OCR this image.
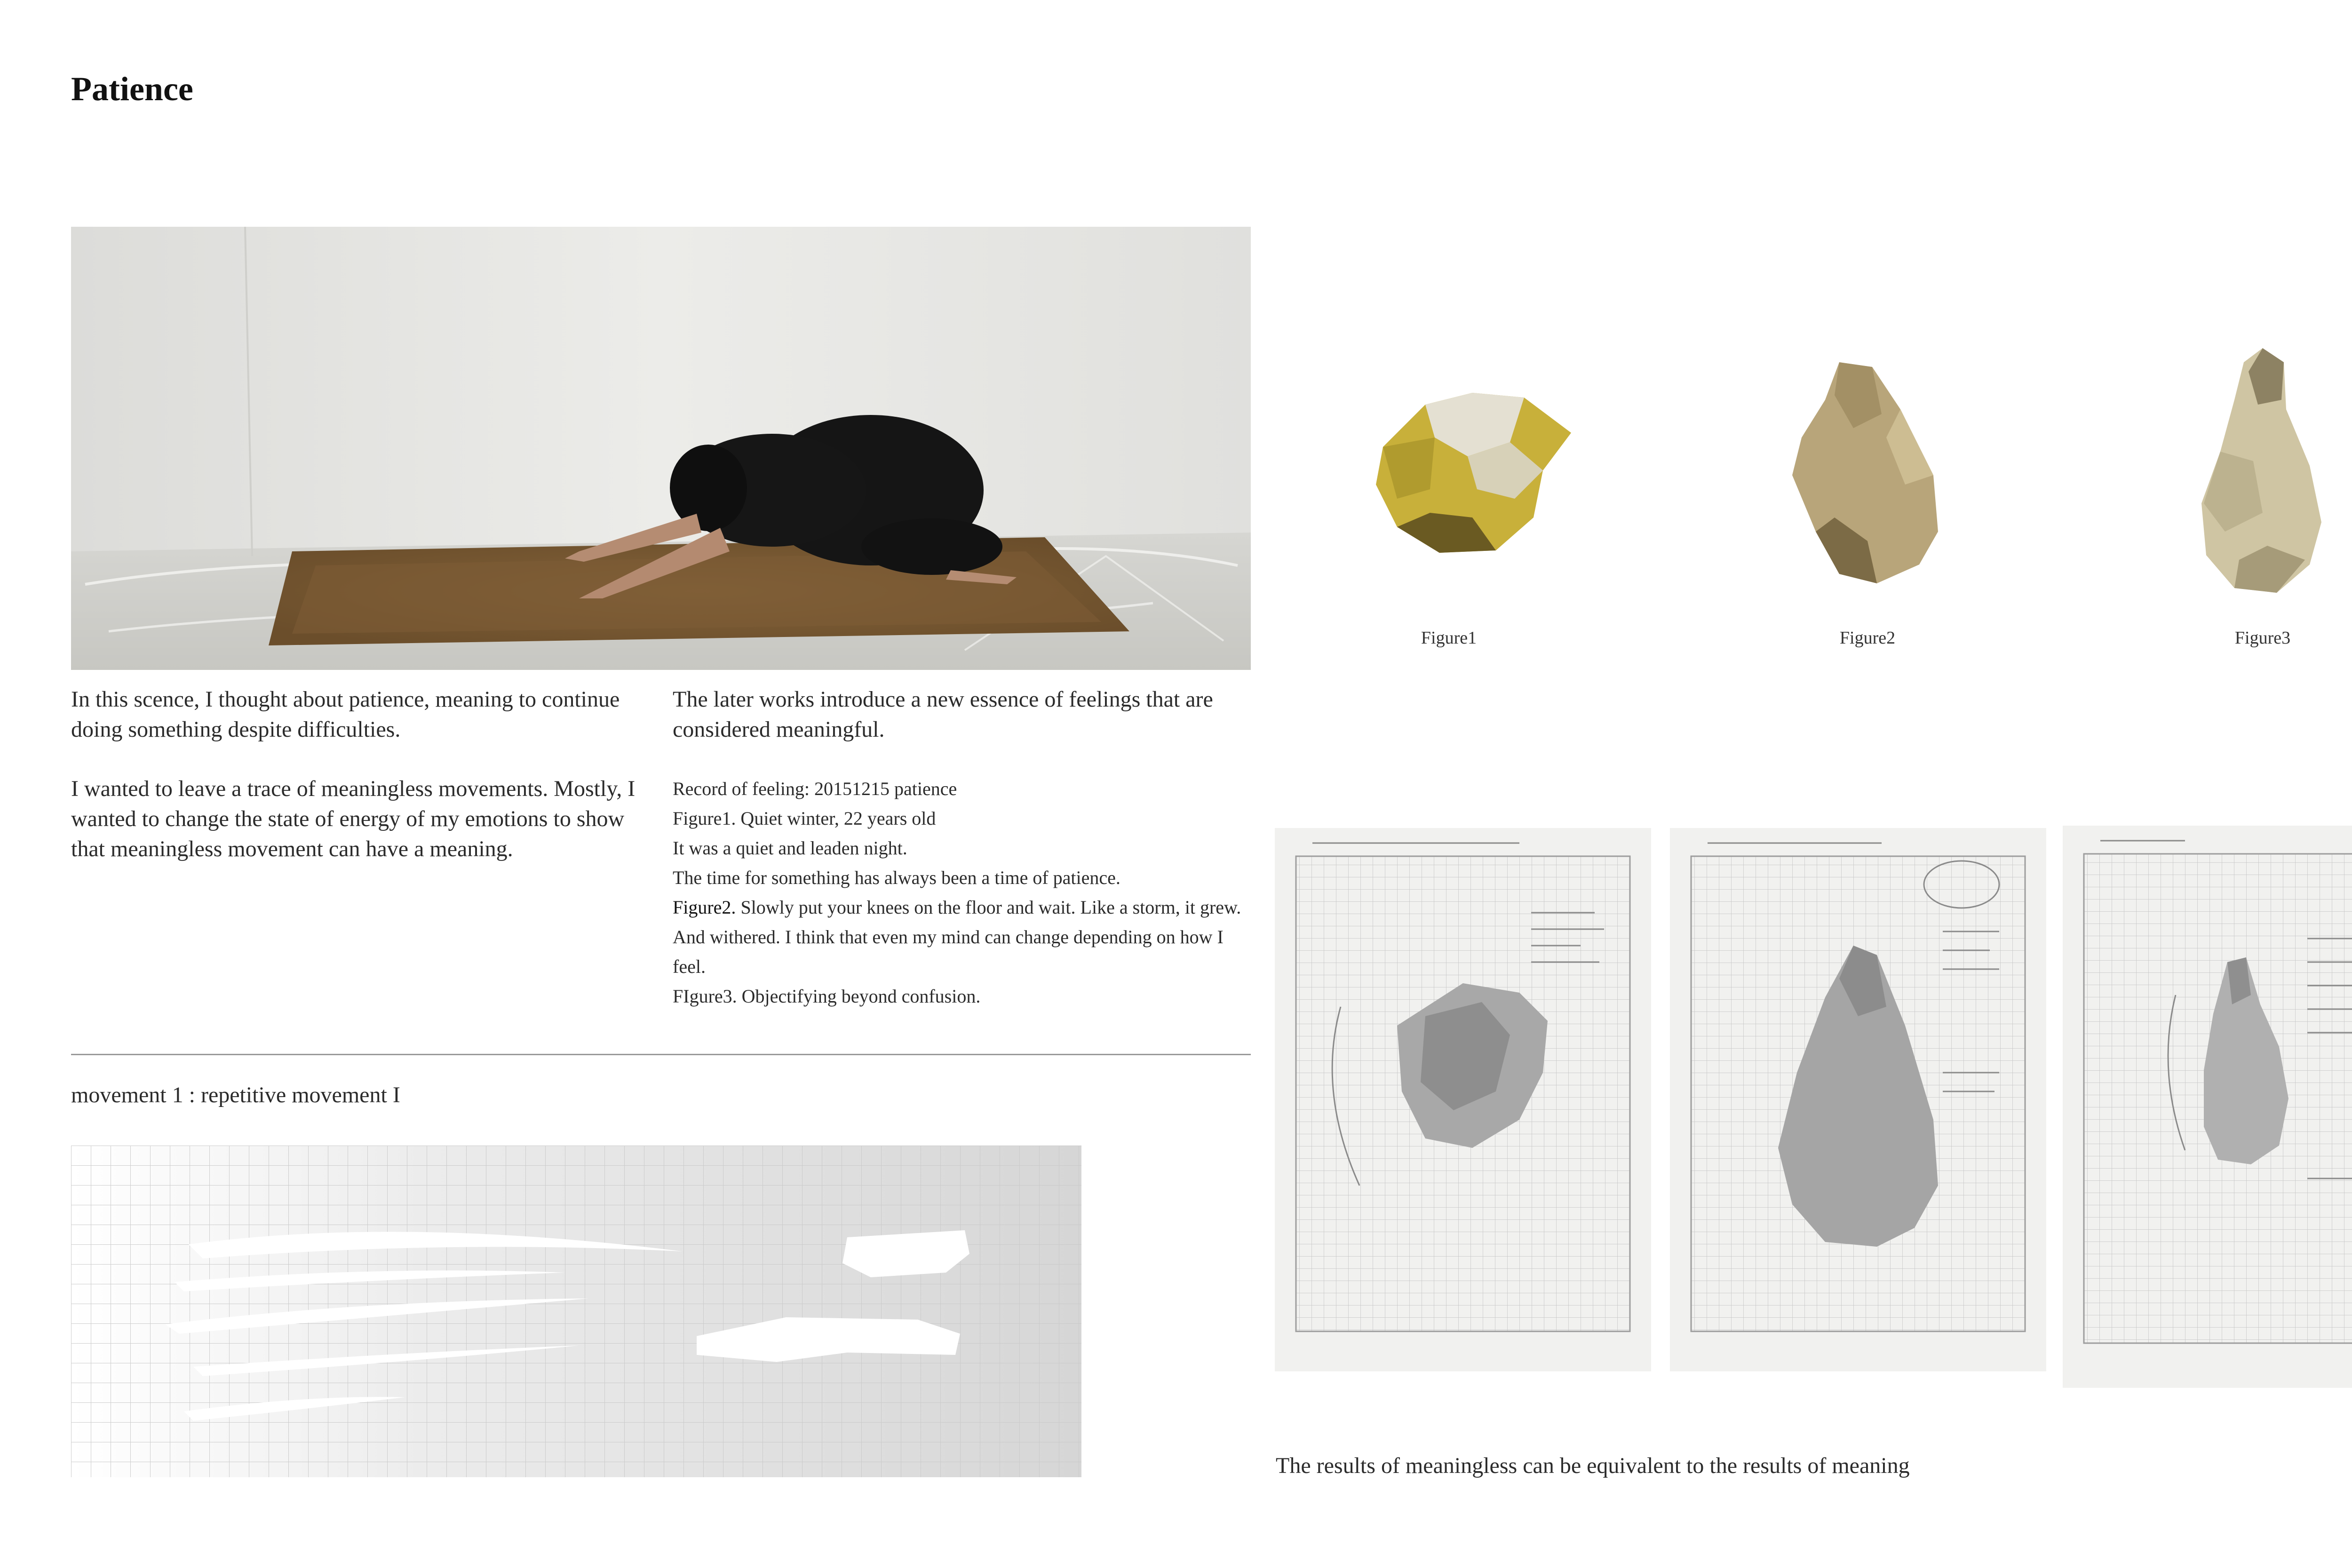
Patience

In this scence, I thought about patience, meaning to continue doing something despite difficulties.

I wanted to leave a trace of meaningless movements. Mostly, I wanted to change the state of energy of my emotions to show that meaningless movement can have a meaning.

The later works introduce a new essence of feelings that are considered meaningful.
Record of feeling: 20151215 patience
Figure1. Quiet winter, 22 years old
It was a quiet and leaden night.
The time for something has always been a time of patience.
Figure2. Slowly put your knees on the floor and wait. Like a storm, it grew. And withered. I think that even my mind can change depending on how I feel.
FIgure3. Objectifying beyond confusion.
movement 1 : repetitive movement I
Figure1	Figure2	Figure3
The results of meaningless can be equivalent to the results of meaning
